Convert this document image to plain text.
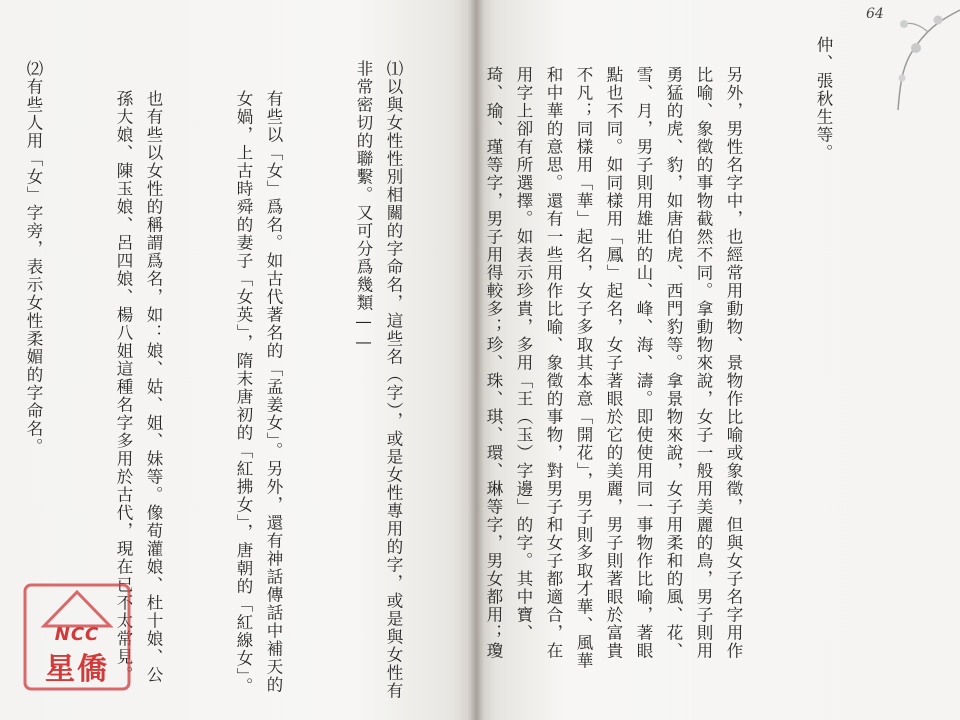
⑴以與女性性別相關的字命名，這些名（字），或是女性專用的字，或是與女性有非常密切的聯繫。又可分爲幾類——

有些以「女」爲名。如古代著名的「孟姜女」。另外，還有神話傳話中補天的女媧，上古時舜的妻子「女英」，隋末唐初的「紅拂女」，唐朝的「紅線女」。

也有些以女性的稱謂爲名，如：娘、姑、姐、妹等。像荀灌娘、杜十娘、公孫大娘、陳玉娘、呂四娘、楊八姐這種名字多用於古代，現在已不太常見。

⑵有些人用「女」字旁，表示女性柔媚的字命名。

NCC
星僑

仲、張秋生等。

另外，男性名字中，也經常用動物、景物作比喻或象徵，但與女子名字用作比喻、象徵的事物截然不同。拿動物來說，女子一般用美麗的鳥，男子則用勇猛的虎、豹，如唐伯虎、西門豹等。拿景物來說，女子用柔和的風、花、雪、月，男子則用雄壯的山、峰、海、濤。即使使用同一事物作比喻，著眼點也不同。如同樣用「鳳」起名，女子著眼於它的美麗，男子則著眼於富貴不凡；同樣用「華」起名，女子多取其本意「開花」，男子則多取才華、風華和中華的意思。還有一些用作比喻、象徵的事物，對男子和女子都適合，在用字上卻有所選擇。如表示珍貴，多用「王（玉）字邊」的字。其中寶、琦、瑜、瑾等字，男子用得較多；珍、珠、琪、環、琳等字，男女都用；瓊

64
